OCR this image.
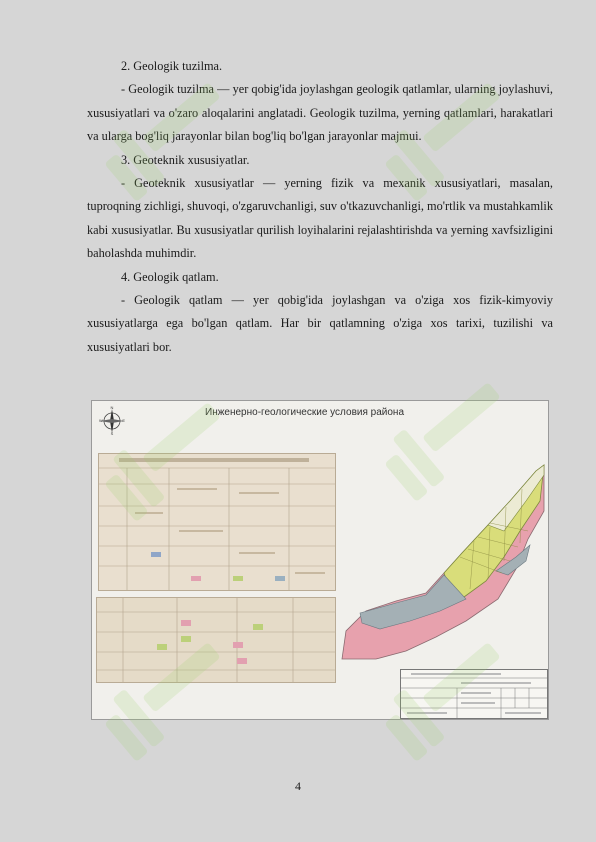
2. Geologik tuzilma.

- Geologik tuzilma — yer qobig'ida joylashgan geologik qatlamlar, ularning joylashuvi, xususiyatlari va o'zaro aloqalarini anglatadi. Geologik tuzilma, yerning qatlamlari, harakatlari va ularga bog'liq jarayonlar bilan bog'liq bo'lgan jarayonlar majmui.

3. Geoteknik xususiyatlar.

- Geoteknik xususiyatlar — yerning fizik va mexanik xususiyatlari, masalan, tuproqning zichligi, shuvoqi, o'zgaruvchanligi, suv o'tkazuvchanligi, mo'rtlik va mustahkamlik kabi xususiyatlar. Bu xususiyatlar qurilish loyihalarini rejalashtirishda va yerning xavfsizligini baholashda muhimdir.

4. Geologik qatlam.

- Geologik qatlam — yer qobig'ida joylashgan va o'ziga xos fizik-kimyoviy xususiyatlarga ega bo'lgan qatlam. Har bir qatlamning o'ziga xos tarixi, tuzilishi va xususiyatlari bor.

N
S
E
W
Инженерно-геологические условия района
4
